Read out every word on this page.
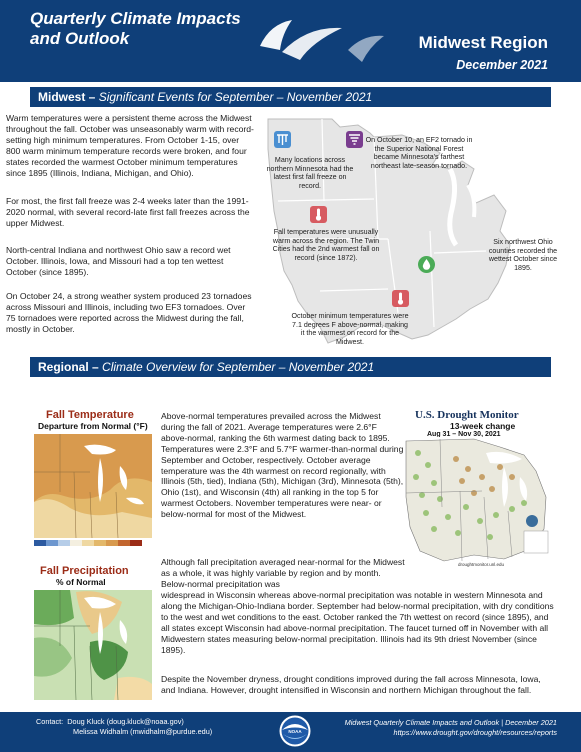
Quarterly Climate Impacts and Outlook	Midwest Region
December 2021
Midwest – Significant Events for September – November 2021
Warm temperatures were a persistent theme across the Midwest throughout the fall. October was unseasonably warm with record-setting high minimum temperatures. From October 1-15, over 800 warm minimum temperature records were broken, and four states recorded the warmest October minimum temperatures since 1895 (Illinois, Indiana, Michigan, and Ohio).
For most, the first fall freeze was 2-4 weeks later than the 1991-2020 normal, with several record-late first fall freezes across the upper Midwest.
North-central Indiana and northwest Ohio saw a record wet October. Illinois, Iowa, and Missouri had a top ten wettest October (since 1895).
On October 24, a strong weather system produced 23 tornadoes across Missouri and Illinois, including two EF3 tornadoes. Over 75 tornadoes were reported across the Midwest during the fall, mostly in October.
Many locations across northern Minnesota had the latest first fall freeze on record.
On October 10, an EF2 tornado in the Superior National Forest became Minnesota's farthest northeast late-season tornado.
Fall temperatures were unusually warm across the region. The Twin Cities had the 2nd warmest fall on record (since 1872).
Six northwest Ohio counties recorded the wettest October since 1895.
October minimum temperatures were 7.1 degrees F above-normal, making it the warmest on record for the Midwest.
Regional – Climate Overview for September – November 2021
Fall Temperature
Departure from Normal (°F)
Fall Precipitation
% of Normal
U.S. Drought Monitor
13-week change
Aug 31 – Nov 30, 2021
droughtmonitor.unl.edu
Above-normal temperatures prevailed across the Midwest during the fall of 2021. Average temperatures were 2.6°F above-normal, ranking the 6th warmest dating back to 1895. Temperatures were 2.3°F and 5.7°F warmer-than-normal during September and October, respectively. October average temperature was the 4th warmest on record regionally, with Illinois (5th, tied), Indiana (5th), Michigan (3rd), Minnesota (5th), Ohio (1st), and Wisconsin (4th) all ranking in the top 5 for warmest Octobers. November temperatures were near- or below-normal for most of the Midwest.
Although fall precipitation averaged near-normal for the Midwest as a whole, it was highly variable by region and by month. Below-normal precipitation was
widespread in Wisconsin whereas above-normal precipitation was notable in western Minnesota and along the Michigan-Ohio-Indiana border. September had below-normal precipitation, with dry conditions to the west and wet conditions to the east. October ranked the 7th wettest on record (since 1895), and all states except Wisconsin had above-normal precipitation. The faucet turned off in November with all Midwestern states measuring below-normal precipitation. Illinois had its 9th driest November (since 1895).
Despite the November dryness, drought conditions improved during the fall across Minnesota, Iowa, and Indiana. However, drought intensified in Wisconsin and northern Michigan throughout the fall.
Contact: Doug Kluck (doug.kluck@noaa.gov)
Melissa Widhalm (mwidhalm@purdue.edu)	NOAA
Midwest Quarterly Climate Impacts and Outlook | December 2021
https://www.drought.gov/drought/resources/reports
